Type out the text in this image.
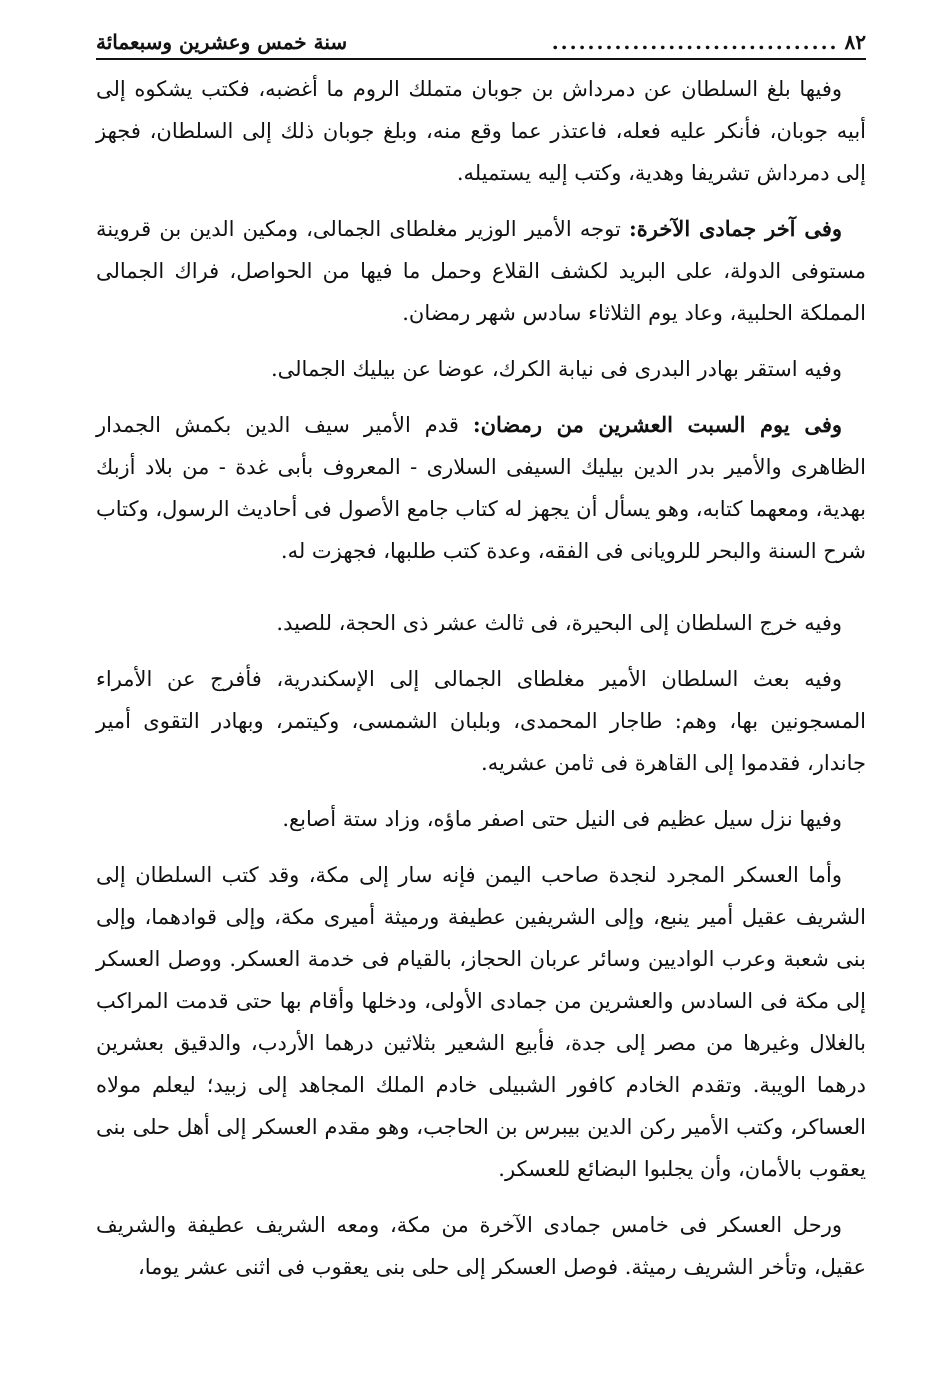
٨٢
................................
سنة خمس وعشرين وسبعمائة

وفيها بلغ السلطان عن دمرداش بن جوبان متملك الروم ما أغضبه، فكتب يشكوه إلى أبيه جوبان، فأنكر عليه فعله، فاعتذر عما وقع منه، وبلغ جوبان ذلك إلى السلطان، فجهز إلى دمرداش تشريفا وهدية، وكتب إليه يستميله.

وفى آخر جمادى الآخرة: توجه الأمير الوزير مغلطاى الجمالى، ومكين الدين بن قروينة مستوفى الدولة، على البريد لكشف القلاع وحمل ما فيها من الحواصل، فراك الجمالى المملكة الحلبية، وعاد يوم الثلاثاء سادس شهر رمضان.

وفيه استقر بهادر البدرى فى نيابة الكرك، عوضا عن بيليك الجمالى.

وفى يوم السبت العشرين من رمضان: قدم الأمير سيف الدين بكمش الجمدار الظاهرى والأمير بدر الدين بيليك السيفى السلارى - المعروف بأبى غدة - من بلاد أزبك بهدية، ومعهما كتابه، وهو يسأل أن يجهز له كتاب جامع الأصول فى أحاديث الرسول، وكتاب شرح السنة والبحر للرويانى فى الفقه، وعدة كتب طلبها، فجهزت له.

وفيه خرج السلطان إلى البحيرة، فى ثالث عشر ذى الحجة، للصيد.

وفيه بعث السلطان الأمير مغلطاى الجمالى إلى الإسكندرية، فأفرج عن الأمراء المسجونين بها، وهم: طاجار المحمدى، وبلبان الشمسى، وكيتمر، وبهادر التقوى أمير جاندار، فقدموا إلى القاهرة فى ثامن عشريه.

وفيها نزل سيل عظيم فى النيل حتى اصفر ماؤه، وزاد ستة أصابع.

وأما العسكر المجرد لنجدة صاحب اليمن فإنه سار إلى مكة، وقد كتب السلطان إلى الشريف عقيل أمير ينبع، وإلى الشريفين عطيفة ورميثة أميرى مكة، وإلى قوادهما، وإلى بنى شعبة وعرب الواديين وسائر عربان الحجاز، بالقيام فى خدمة العسكر. ووصل العسكر إلى مكة فى السادس والعشرين من جمادى الأولى، ودخلها وأقام بها حتى قدمت المراكب بالغلال وغيرها من مصر إلى جدة، فأبيع الشعير بثلاثين درهما الأردب، والدقيق بعشرين درهما الويبة. وتقدم الخادم كافور الشبيلى خادم الملك المجاهد إلى زبيد؛ ليعلم مولاه العساكر، وكتب الأمير ركن الدين بيبرس بن الحاجب، وهو مقدم العسكر إلى أهل حلى بنى يعقوب بالأمان، وأن يجلبوا البضائع للعسكر.

ورحل العسكر فى خامس جمادى الآخرة من مكة، ومعه الشريف عطيفة والشريف عقيل، وتأخر الشريف رميثة. فوصل العسكر إلى حلى بنى يعقوب فى اثنى عشر يوما،
